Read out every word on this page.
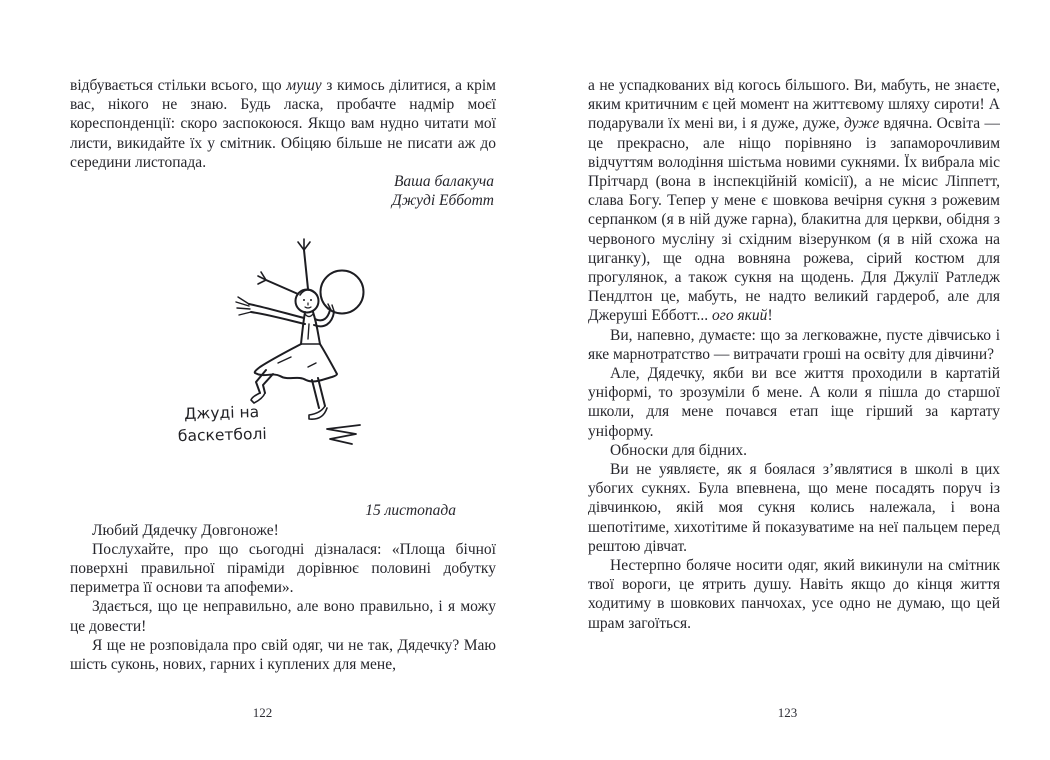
Джуді на
баскетболі

відбувається стільки всього, що мушу з кимось ділитися, а крім вас, нікого не знаю. Будь ласка, пробачте надмір моєї кореспонденції: скоро заспокоюся. Якщо вам нудно читати мої листи, викидайте їх у смітник. Обіцяю більше не писати аж до середини листопада.

Ваша балакуча
Джуді Ебботт
15 листопада

Любий Дядечку Довгоноже!

Послухайте, про що сьогодні дізналася: «Площа бічної поверхні правильної піраміди дорівнює половині добутку периметра її основи та апофеми».

Здається, що це неправильно, але воно правильно, і я можу це довести!

Я ще не розповідала про свій одяг, чи не так, Дядечку? Маю шість суконь, нових, гарних і куплених для мене,

а не успадкованих від когось більшого. Ви, мабуть, не знаєте, яким критичним є цей момент на життєвому шляху сироти! А подарували їх мені ви, і я дуже, дуже, дуже вдячна. Освіта — це прекрасно, але ніщо порівняно із запаморочливим відчуттям володіння шістьма новими сукнями. Їх вибрала міс Прітчард (вона в інспекційній комісії), а не місис Ліппетт, слава Богу. Тепер у мене є шовкова вечірня сукня з рожевим серпанком (я в ній дуже гарна), блакитна для церкви, обідня з червоного мусліну зі східним візерунком (я в ній схожа на циганку), ще одна вовняна рожева, сірий костюм для прогулянок, а також сукня на щодень. Для Джулії Ратледж Пендлтон це, мабуть, не надто великий гардероб, але для Джеруші Ебботт... ого який!

Ви, напевно, думаєте: що за легковажне, пусте дівчисько і яке марнотратство — витрачати гроші на освіту для дівчини?

Але, Дядечку, якби ви все життя проходили в картатій уніформі, то зрозуміли б мене. А коли я пішла до старшої школи, для мене почався етап іще гірший за картату уніформу.

Обноски для бідних.

Ви не уявляєте, як я боялася з’являтися в школі в цих убогих сукнях. Була впевнена, що мене посадять поруч із дівчинкою, якій моя сукня колись належала, і вона шепотітиме, хихотітиме й показуватиме на неї пальцем перед рештою дівчат.

Нестерпно боляче носити одяг, який викинули на смітник твої вороги, це ятрить душу. Навіть якщо до кінця життя ходитиму в шовкових панчохах, усе одно не думаю, що цей шрам загоїться.

122	123
